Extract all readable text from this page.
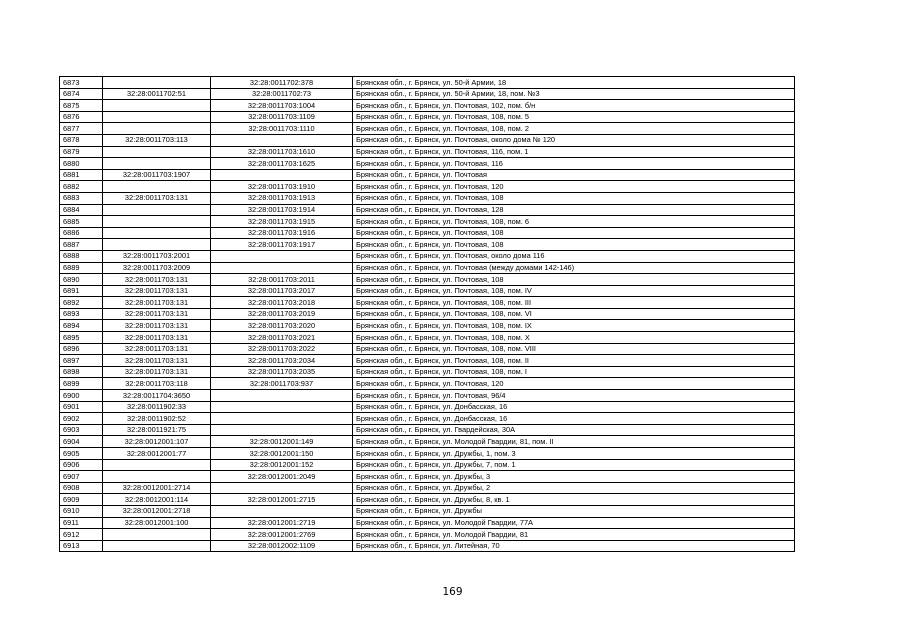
6873		32:28:0011702:378	Брянская обл., г. Брянск, ул. 50-й Армии, 18
6874	32:28:0011702:51	32:28:0011702:73	Брянская обл., г. Брянск, ул. 50-й Армии, 18, пом. №3
6875		32:28:0011703:1004	Брянская обл., г. Брянск, ул. Почтовая, 102, пом. б/н
6876		32:28:0011703:1109	Брянская обл., г. Брянск, ул. Почтовая, 108, пом. 5
6877		32:28:0011703:1110	Брянская обл., г. Брянск, ул. Почтовая, 108, пом. 2
6878	32:28:0011703:113		Брянская обл., г. Брянск, ул. Почтовая, около дома № 120
6879		32:28:0011703:1610	Брянская обл., г. Брянск, ул. Почтовая, 116, пом. 1
6880		32:28:0011703:1625	Брянская обл., г. Брянск, ул. Почтовая, 116
6881	32:28:0011703:1907		Брянская обл., г. Брянск, ул. Почтовая
6882		32:28:0011703:1910	Брянская обл., г. Брянск, ул. Почтовая, 120
6883	32:28:0011703:131	32:28:0011703:1913	Брянская обл., г. Брянск, ул. Почтовая, 108
6884		32:28:0011703:1914	Брянская обл., г. Брянск, ул. Почтовая, 128
6885		32:28:0011703:1915	Брянская обл., г. Брянск, ул. Почтовая, 108, пом. 6
6886		32:28:0011703:1916	Брянская обл., г. Брянск, ул. Почтовая, 108
6887		32:28:0011703:1917	Брянская обл., г. Брянск, ул. Почтовая, 108
6888	32:28:0011703:2001		Брянская обл., г. Брянск, ул. Почтовая, около дома 116
6889	32:28:0011703:2009		Брянская обл., г. Брянск, ул. Почтовая (между домами 142-146)
6890	32:28:0011703:131	32:28:0011703:2011	Брянская обл., г. Брянск, ул. Почтовая, 108
6891	32:28:0011703:131	32:28:0011703:2017	Брянская обл., г. Брянск, ул. Почтовая, 108, пом. IV
6892	32:28:0011703:131	32:28:0011703:2018	Брянская обл., г. Брянск, ул. Почтовая, 108, пом. III
6893	32:28:0011703:131	32:28:0011703:2019	Брянская обл., г. Брянск, ул. Почтовая, 108, пом. VI
6894	32:28:0011703:131	32:28:0011703:2020	Брянская обл., г. Брянск, ул. Почтовая, 108, пом. IX
6895	32:28:0011703:131	32:28:0011703:2021	Брянская обл., г. Брянск, ул. Почтовая, 108, пом. X
6896	32:28:0011703:131	32:28:0011703:2022	Брянская обл., г. Брянск, ул. Почтовая, 108, пом. VIII
6897	32:28:0011703:131	32:28:0011703:2034	Брянская обл., г. Брянск, ул. Почтовая, 108, пом. II
6898	32:28:0011703:131	32:28:0011703:2035	Брянская обл., г. Брянск, ул. Почтовая, 108, пом. I
6899	32:28:0011703:118	32:28:0011703:937	Брянская обл., г. Брянск, ул. Почтовая, 120
6900	32:28:0011704:3650		Брянская обл., г. Брянск, ул. Почтовая, 96/4
6901	32:28:0011902:33		Брянская обл., г. Брянск, ул. Донбасская, 16
6902	32:28:0011902:52		Брянская обл., г. Брянск, ул. Донбасская, 16
6903	32:28:0011921:75		Брянская обл., г. Брянск, ул. Гвардейская, 30А
6904	32:28:0012001:107	32:28:0012001:149	Брянская обл., г. Брянск, ул. Молодой Гвардии, 81, пом. II
6905	32:28:0012001:77	32:28:0012001:150	Брянская обл., г. Брянск, ул. Дружбы, 1, пом. 3
6906		32:28:0012001:152	Брянская обл., г. Брянск, ул. Дружбы, 7, пом. 1
6907		32:28:0012001:2049	Брянская обл., г. Брянск, ул. Дружбы, 3
6908	32:28:0012001:2714		Брянская обл., г. Брянск, ул. Дружбы, 2
6909	32:28:0012001:114	32:28:0012001:2715	Брянская обл., г. Брянск, ул. Дружбы, 8, кв. 1
6910	32:28:0012001:2718		Брянская обл., г. Брянск, ул. Дружбы
6911	32:28:0012001:100	32:28:0012001:2719	Брянская обл., г. Брянск, ул. Молодой Гвардии, 77А
6912		32:28:0012001:2769	Брянская обл., г. Брянск, ул. Молодой Гвардии, 81
6913		32:28:0012002:1109	Брянская обл., г. Брянск, ул. Литейная, 70
169
